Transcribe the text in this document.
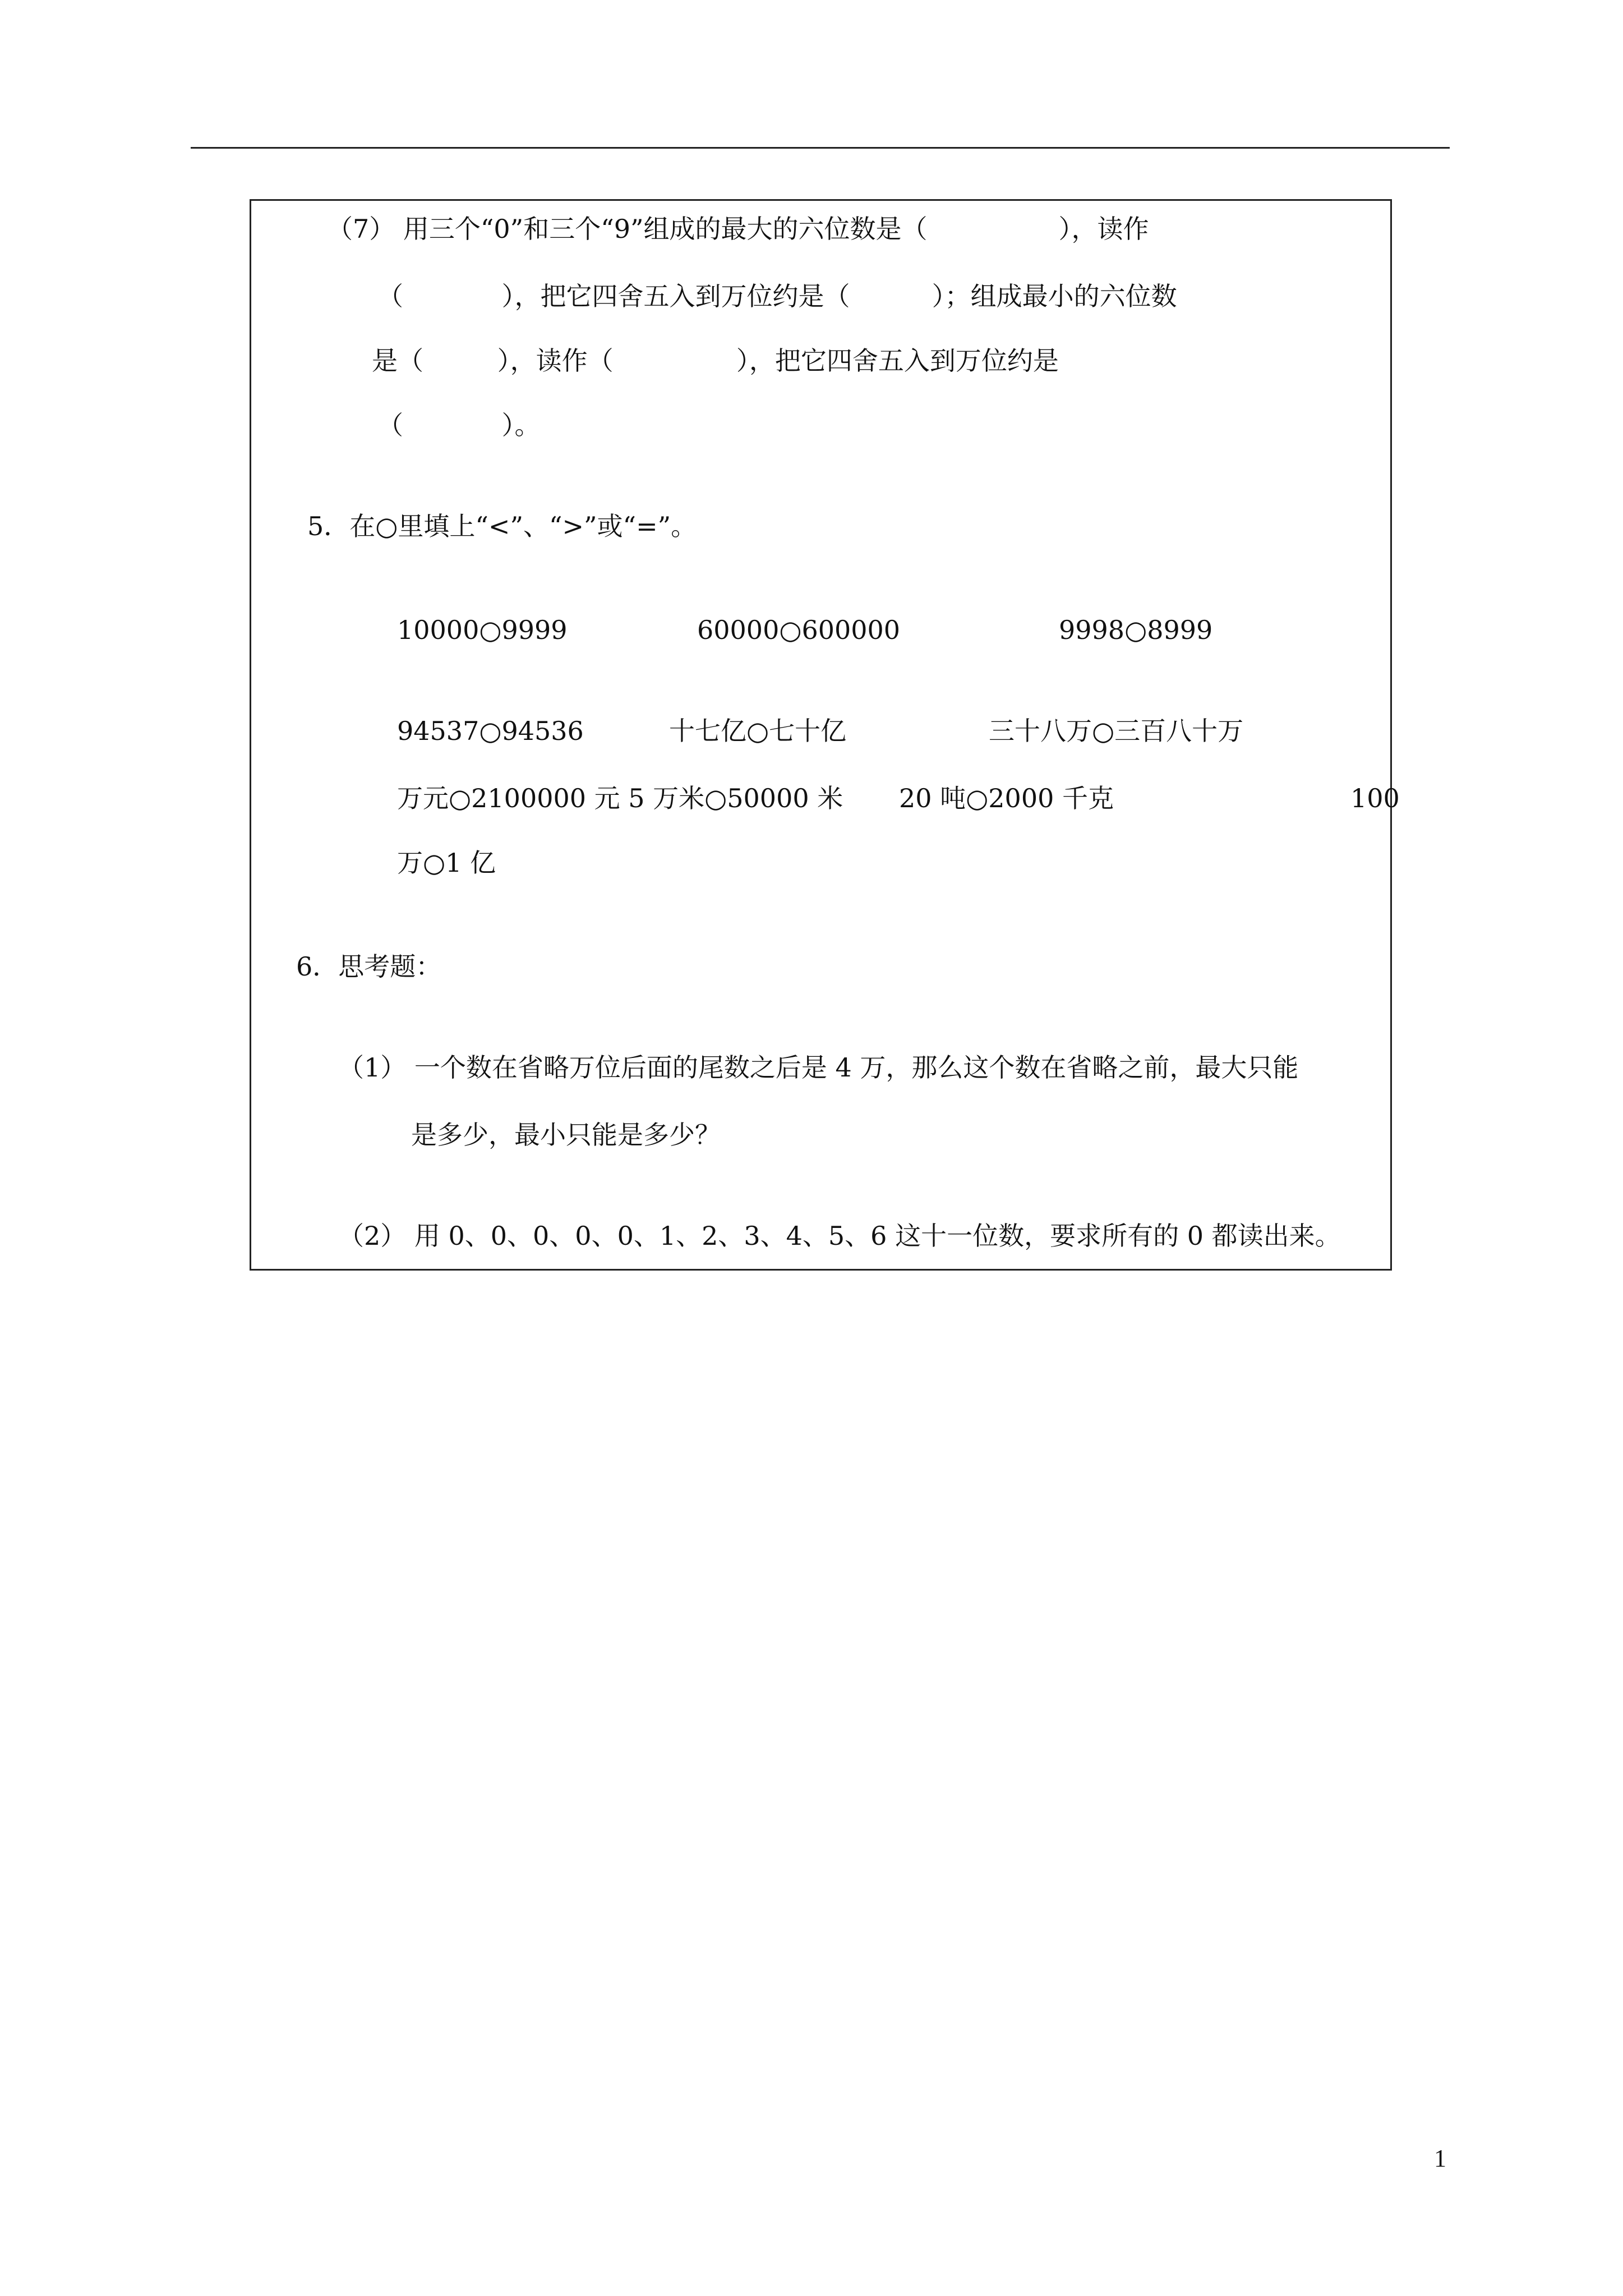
（7） 用三个“0”和三个“9”组成的最大的六位数是（                ），读作
（            ），把它四舍五入到万位约是（          ）；组成最小的六位数
是（         ），读作（               ），把它四舍五入到万位约是
（            ）。
5．在○里填上“<”、“>”或“=”。
10000○9999	60000○600000	9998○8999
94537○94536	十七亿○七十亿	三十八万○三百八十万
万元○2100000 元 5 万米○50000 米 20 吨○2000 千克	100
万○1 亿
6．思考题：
（1） 一个数在省略万位后面的尾数之后是 4 万，那么这个数在省略之前，最大只能
是多少，最小只能是多少？
（2） 用 0、0、0、0、0、1、2、3、4、5、6 这十一位数，要求所有的 0 都读出来。
1
